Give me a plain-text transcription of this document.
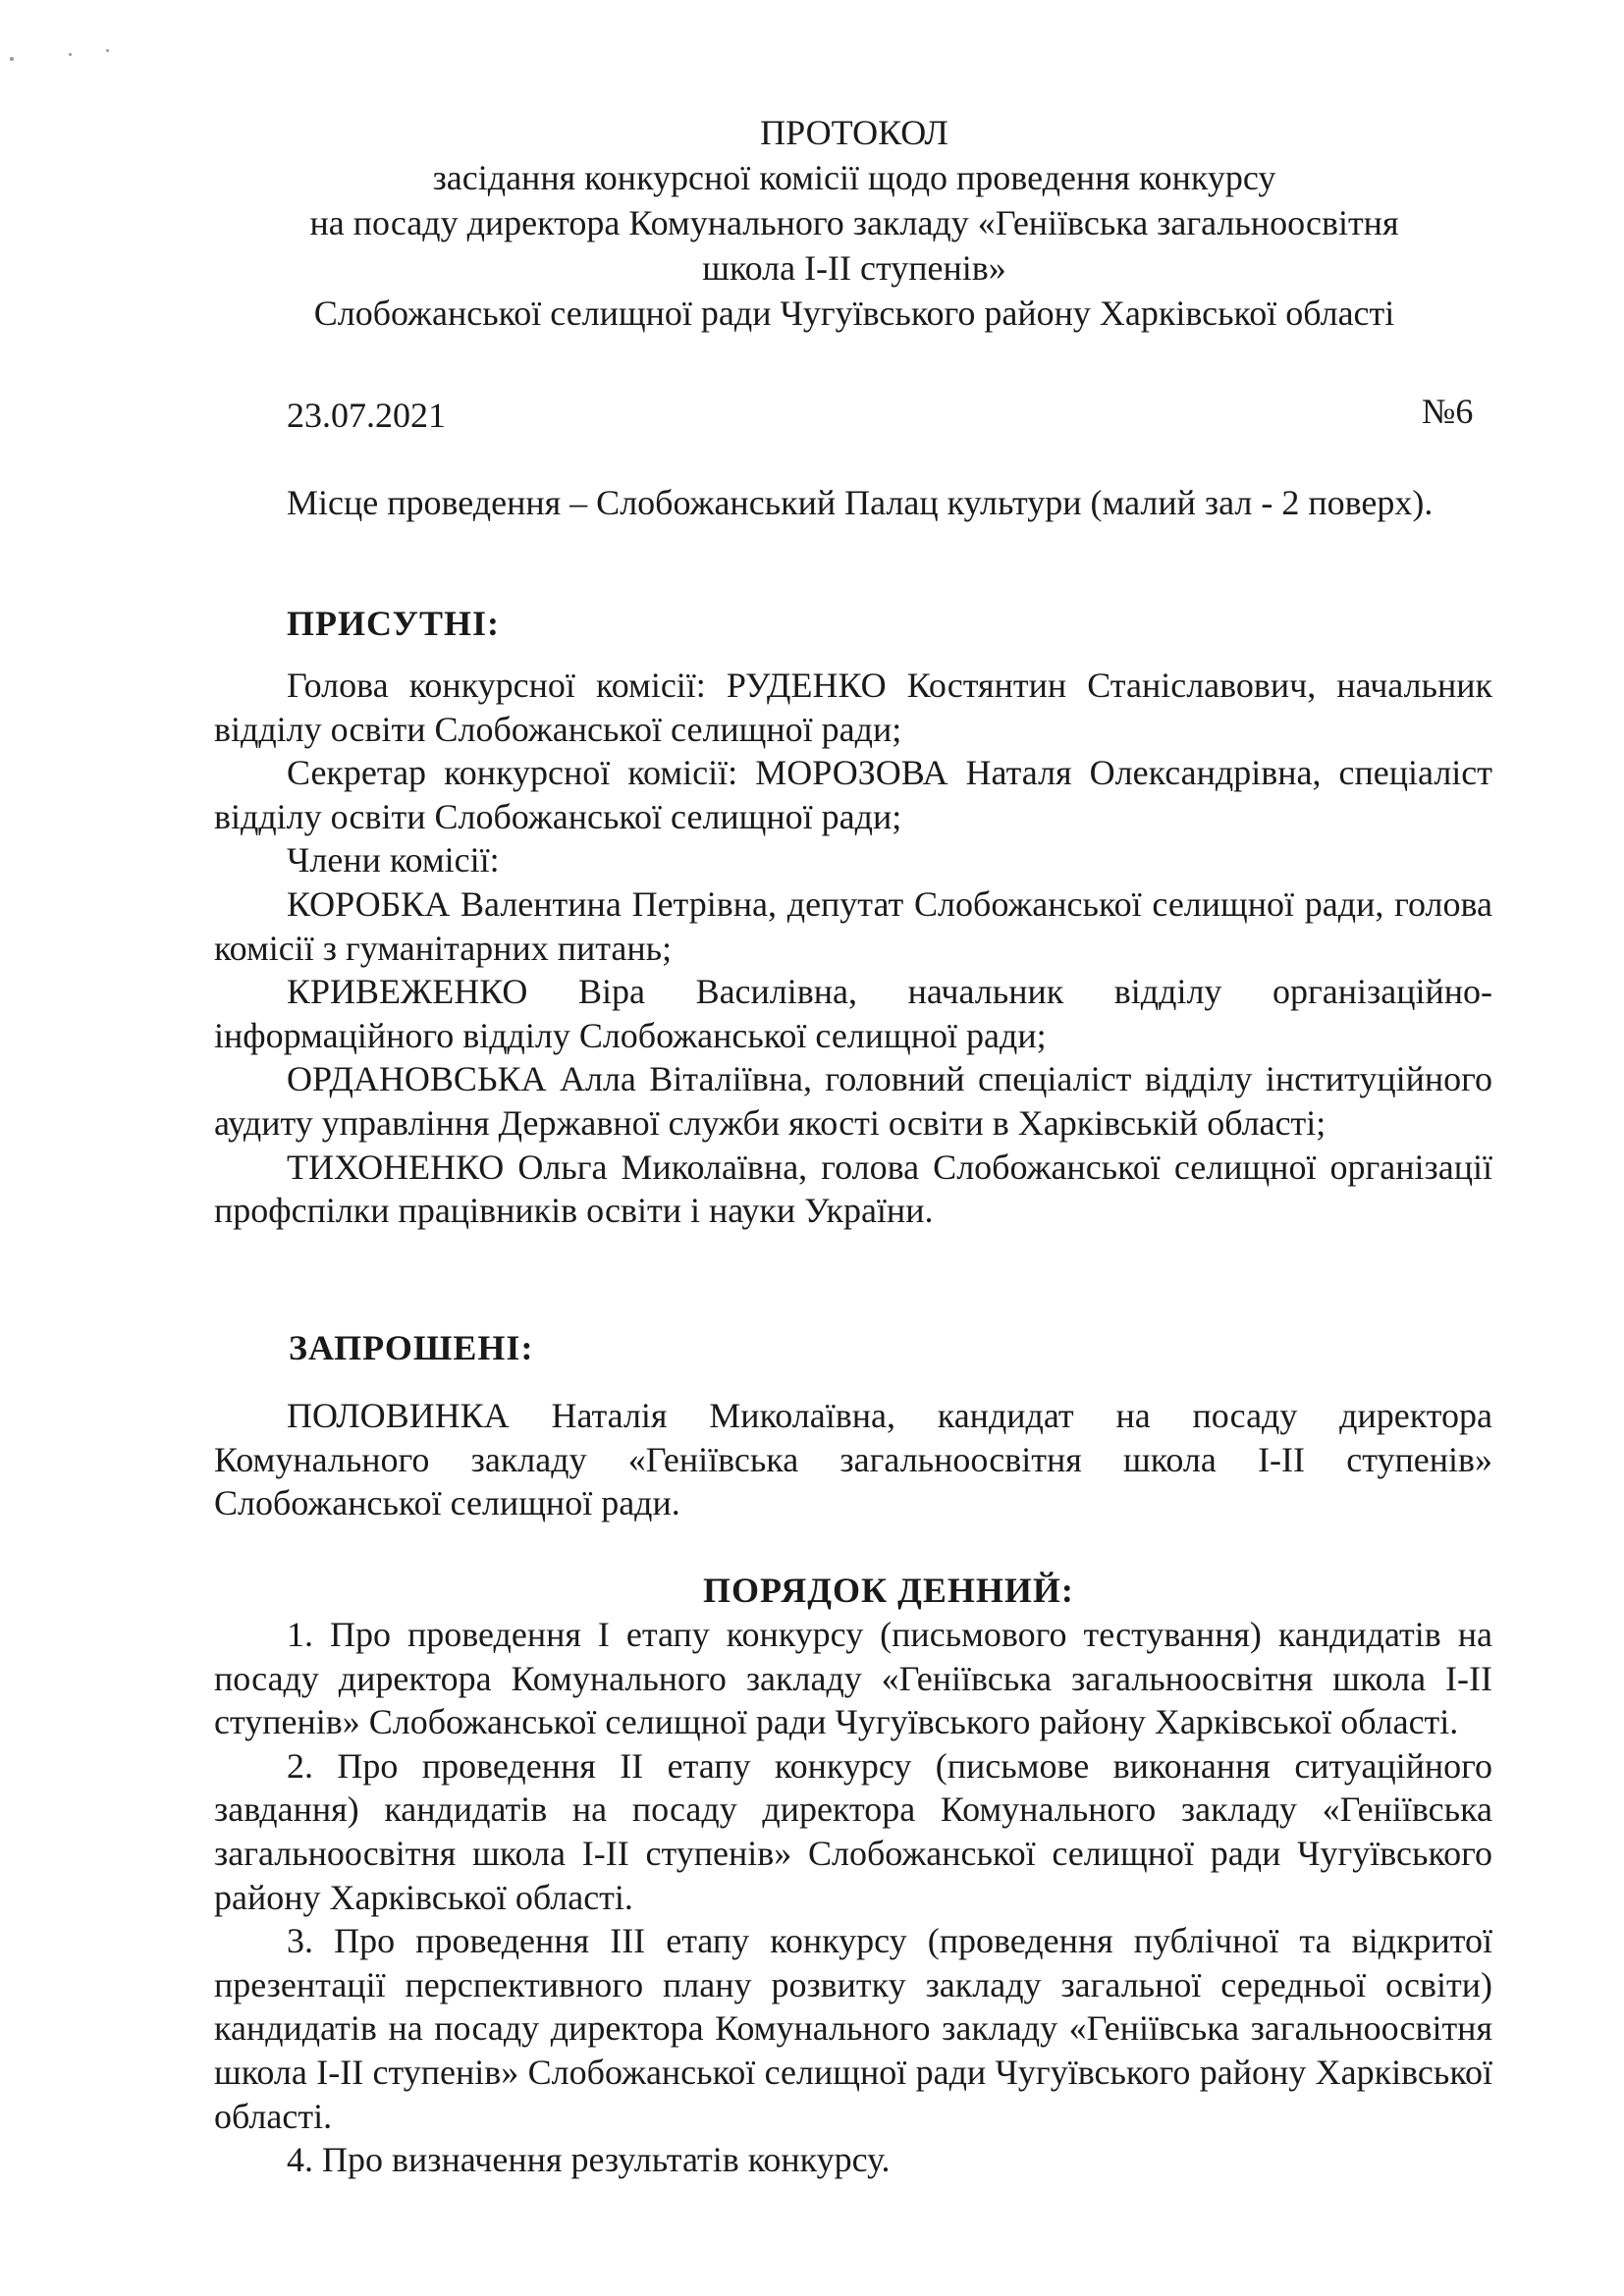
ПРОТОКОЛ
засідання конкурсної комісії щодо проведення конкурсу
на посаду директора Комунального закладу «Геніївська загальноосвітня
школа І-ІІ ступенів»
Слобожанської селищної ради Чугуївського району Харківської області
23.07.2021	№6

Місце проведення – Слобожанський Палац культури (малий зал - 2 поверх).

ПРИСУТНІ:

Голова конкурсної комісії: РУДЕНКО Костянтин Станіславович, начальник відділу освіти Слобожанської селищної ради;

Секретар конкурсної комісії: МОРОЗОВА Наталя Олександрівна, спеціаліст відділу освіти Слобожанської селищної ради;

Члени комісії:

КОРОБКА Валентина Петрівна, депутат Слобожанської селищної ради, голова комісії з гуманітарних питань;

КРИВЕЖЕНКО Віра Василівна, начальник відділу організаційно-інформаційного відділу Слобожанської селищної ради;

ОРДАНОВСЬКА Алла Віталіївна, головний спеціаліст відділу інституційного аудиту управління Державної служби якості освіти в Харківській області;

ТИХОНЕНКО Ольга Миколаївна, голова Слобожанської селищної організації профспілки працівників освіти і науки України.

ЗАПРОШЕНІ:

ПОЛОВИНКА Наталія Миколаївна, кандидат на посаду директора Комунального закладу «Геніївська загальноосвітня школа І-ІІ ступенів» Слобожанської селищної ради.

ПОРЯДОК ДЕННИЙ:

1. Про проведення І етапу конкурсу (письмового тестування) кандидатів на посаду директора Комунального закладу «Геніївська загальноосвітня школа І-ІІ ступенів» Слобожанської селищної ради Чугуївського району Харківської області.

2. Про проведення ІІ етапу конкурсу (письмове виконання ситуаційного завдання) кандидатів на посаду директора Комунального закладу «Геніївська загальноосвітня школа І-ІІ ступенів» Слобожанської селищної ради Чугуївського району Харківської області.

3. Про проведення ІІІ етапу конкурсу (проведення публічної та відкритої презентації перспективного плану розвитку закладу загальної середньої освіти) кандидатів на посаду директора Комунального закладу «Геніївська загальноосвітня школа І-ІІ ступенів» Слобожанської селищної ради Чугуївського району Харківської області.

4. Про визначення результатів конкурсу.
